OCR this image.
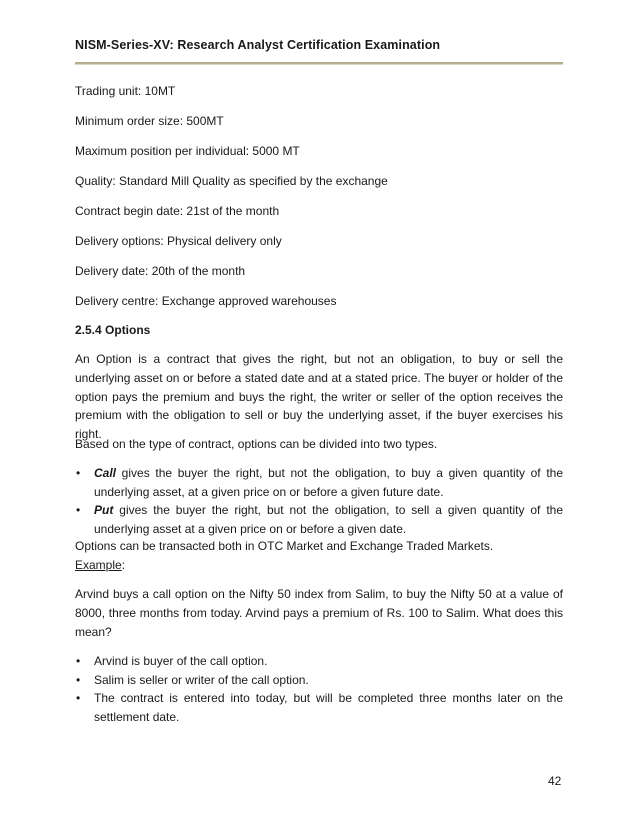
NISM-Series-XV: Research Analyst Certification Examination
Trading unit: 10MT
Minimum order size: 500MT
Maximum position per individual: 5000 MT
Quality: Standard Mill Quality as specified by the exchange
Contract begin date: 21st of the month
Delivery options: Physical delivery only
Delivery date: 20th of the month
Delivery centre: Exchange approved warehouses
2.5.4 Options
An Option is a contract that gives the right, but not an obligation, to buy or sell the underlying asset on or before a stated date and at a stated price. The buyer or holder of the option pays the premium and buys the right, the writer or seller of the option receives the premium with the obligation to sell or buy the underlying asset, if the buyer exercises his right.
Based on the type of contract, options can be divided into two types.
• Call gives the buyer the right, but not the obligation, to buy a given quantity of the underlying asset, at a given price on or before a given future date.
• Put gives the buyer the right, but not the obligation, to sell a given quantity of the underlying asset at a given price on or before a given date.
Options can be transacted both in OTC Market and Exchange Traded Markets.
Example:
Arvind buys a call option on the Nifty 50 index from Salim, to buy the Nifty 50 at a value of 8000, three months from today. Arvind pays a premium of Rs. 100 to Salim. What does this mean?
• Arvind is buyer of the call option.
• Salim is seller or writer of the call option.
• The contract is entered into today, but will be completed three months later on the settlement date.
42
